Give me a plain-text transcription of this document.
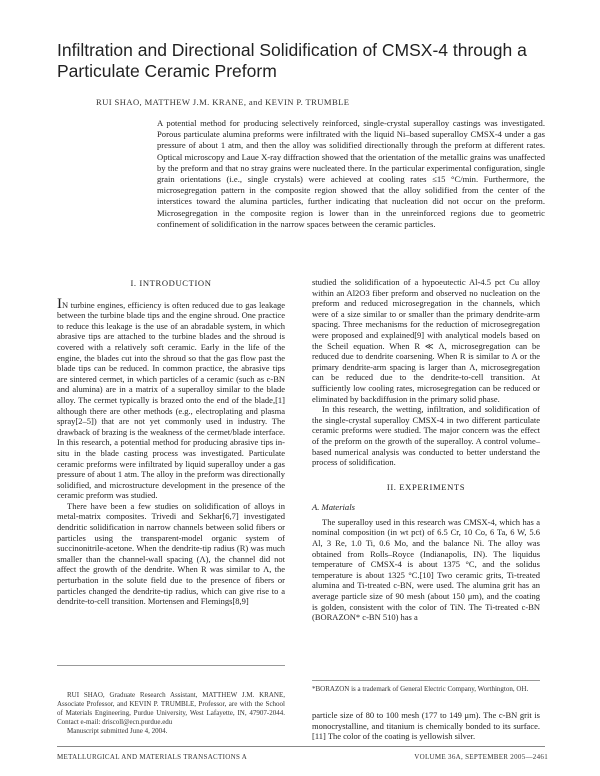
Infiltration and Directional Solidification of CMSX-4 through a Particulate Ceramic Preform
RUI SHAO, MATTHEW J.M. KRANE, and KEVIN P. TRUMBLE
A potential method for producing selectively reinforced, single-crystal superalloy castings was investigated. Porous particulate alumina preforms were infiltrated with the liquid Ni–based superalloy CMSX-4 under a gas pressure of about 1 atm, and then the alloy was solidified directionally through the preform at different rates. Optical microscopy and Laue X-ray diffraction showed that the orientation of the metallic grains was unaffected by the preform and that no stray grains were nucleated there. In the particular experimental configuration, single grain orientations (i.e., single crystals) were achieved at cooling rates ≤15 °C/min. Furthermore, the microsegregation pattern in the composite region showed that the alloy solidified from the center of the interstices toward the alumina particles, further indicating that nucleation did not occur on the preform. Microsegregation in the composite region is lower than in the unreinforced regions due to geometric confinement of solidification in the narrow spaces between the ceramic particles.
I. INTRODUCTION

IN turbine engines, efficiency is often reduced due to gas leakage between the turbine blade tips and the engine shroud. One practice to reduce this leakage is the use of an abradable system, in which abrasive tips are attached to the turbine blades and the shroud is covered with a relatively soft ceramic. Early in the life of the engine, the blades cut into the shroud so that the gas flow past the blade tips can be reduced. In common practice, the abrasive tips are sintered cermet, in which particles of a ceramic (such as c-BN and alumina) are in a matrix of a superalloy similar to the blade alloy. The cermet typically is brazed onto the end of the blade,[1] although there are other methods (e.g., electroplating and plasma spray[2–5]) that are not yet commonly used in industry. The drawback of brazing is the weakness of the cermet/blade interface. In this research, a potential method for producing abrasive tips in-situ in the blade casting process was investigated. Particulate ceramic preforms were infiltrated by liquid superalloy under a gas pressure of about 1 atm. The alloy in the preform was directionally solidified, and microstructure development in the presence of the ceramic preform was studied.

There have been a few studies on solidification of alloys in metal-matrix composites. Trivedi and Sekhar[6,7] investigated dendritic solidification in narrow channels between solid fibers or particles using the transparent-model organic system of succinonitrile-acetone. When the dendrite-tip radius (R) was much smaller than the channel-wall spacing (Λ), the channel did not affect the growth of the dendrite. When R was similar to Λ, the perturbation in the solute field due to the presence of fibers or particles changed the dendrite-tip radius, which can give rise to a dendrite-to-cell transition. Mortensen and Flemings[8,9]

studied the solidification of a hypoeutectic Al-4.5 pct Cu alloy within an Al2O3 fiber preform and observed no nucleation on the preform and reduced microsegregation in the channels, which were of a size similar to or smaller than the primary dendrite-arm spacing. Three mechanisms for the reduction of microsegregation were proposed and explained[9] with analytical models based on the Scheil equation. When R ≪ Λ, microsegregation can be reduced due to dendrite coarsening. When R is similar to Λ or the primary dendrite-arm spacing is larger than Λ, microsegregation can be reduced due to the dendrite-to-cell transition. At sufficiently low cooling rates, microsegregation can be reduced or eliminated by backdiffusion in the primary solid phase.

In this research, the wetting, infiltration, and solidification of the single-crystal superalloy CMSX-4 in two different particulate ceramic preforms were studied. The major concern was the effect of the preform on the growth of the superalloy. A control volume–based numerical analysis was conducted to better understand the process of solidification.

II. EXPERIMENTS
A. Materials

The superalloy used in this research was CMSX-4, which has a nominal composition (in wt pct) of 6.5 Cr, 10 Co, 6 Ta, 6 W, 5.6 Al, 3 Re, 1.0 Ti, 0.6 Mo, and the balance Ni. The alloy was obtained from Rolls–Royce (Indianapolis, IN). The liquidus temperature of CMSX-4 is about 1375 °C, and the solidus temperature is about 1325 °C.[10] Two ceramic grits, Ti-treated alumina and Ti-treated c-BN, were used. The alumina grit has an average particle size of 90 mesh (about 150 μm), and the coating is golden, consistent with the color of TiN. The Ti-treated c-BN (BORAZON* c-BN 510) has a

RUI SHAO, Graduate Research Assistant, MATTHEW J.M. KRANE, Associate Professor, and KEVIN P. TRUMBLE, Professor, are with the School of Materials Engineering, Purdue University, West Lafayette, IN, 47907-2044. Contact e-mail: driscoll@ecn.purdue.edu

Manuscript submitted June 4, 2004.

*BORAZON is a trademark of General Electric Company, Worthington, OH.
particle size of 80 to 100 mesh (177 to 149 μm). The c-BN grit is monocrystalline, and titanium is chemically bonded to its surface.[11] The color of the coating is yellowish silver.
METALLURGICAL AND MATERIALS TRANSACTIONS A	VOLUME 36A, SEPTEMBER 2005—2461
